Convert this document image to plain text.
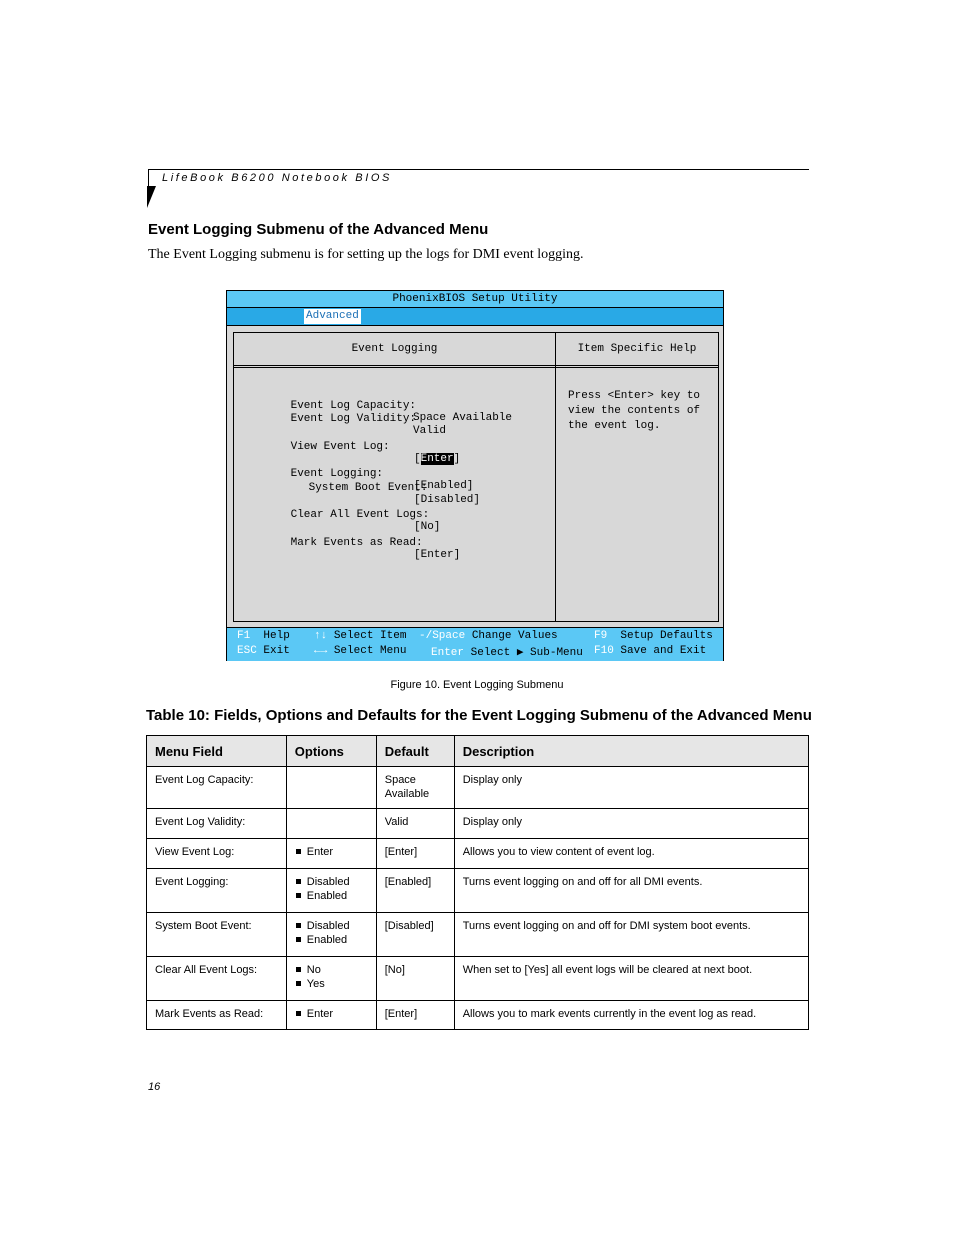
LifeBook B6200 Notebook BIOS
Event Logging Submenu of the Advanced Menu
The Event Logging submenu is for setting up the logs for DMI event logging.
PhoenixBIOS Setup Utility
Advanced
Event Logging	Item Specific Help

Event Log Capacity:

Space Available

Event Log Validity:

Valid

View Event Log:

[Enter]

Event Logging:

[Enabled]

System Boot Event:

[Disabled]

Clear All Event Logs:

[No]

Mark Events as Read:

[Enter]

Press <Enter> key to
view the contents of
the event log.
F1 Help ↑↓ Select Item -/Space Change Values	F9 Setup Defaults
ESC Exit ←→ Select Menu Enter Select ▶ Sub-Menu F10 Save and Exit
Figure 10. Event Logging Submenu
Table 10: Fields, Options and Defaults for the Event Logging Submenu of the Advanced Menu
Menu Field	Options	Default	Description
Event Log Capacity:		Space Available	Display only
Event Log Validity:		Valid	Display only
View Event Log:	Enter	[Enter]	Allows you to view content of event log.
Event Logging:	Disabled
Enabled	[Enabled]	Turns event logging on and off for all DMI events.
System Boot Event:	Disabled
Enabled	[Disabled]	Turns event logging on and off for DMI system boot events.
Clear All Event Logs:	No
Yes	[No]	When set to [Yes] all event logs will be cleared at next boot.
Mark Events as Read:	Enter	[Enter]	Allows you to mark events currently in the event log as read.
16
